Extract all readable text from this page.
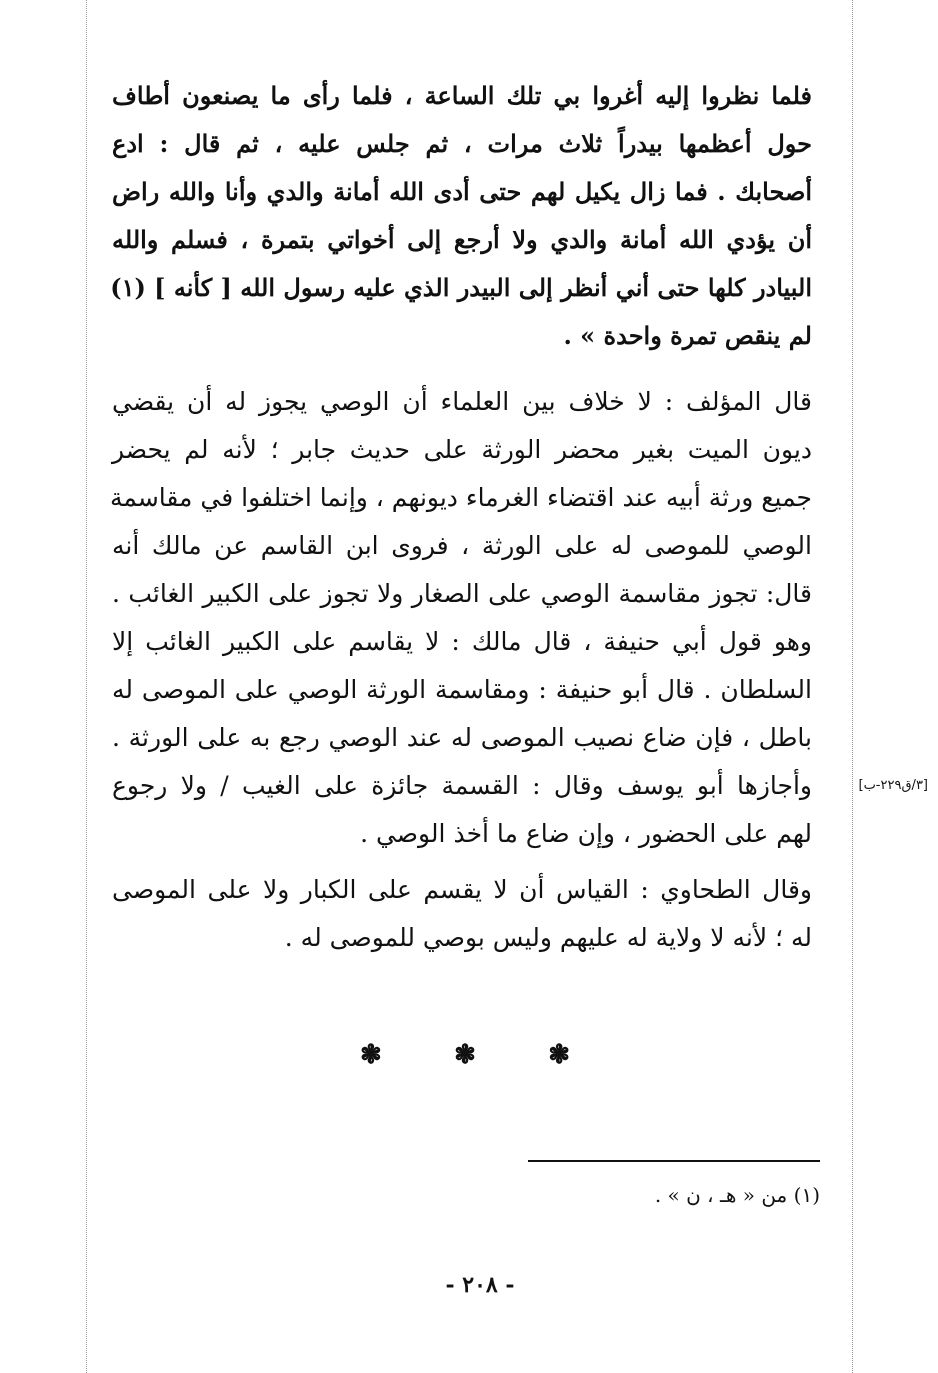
فلما نظروا إليه أغروا بي تلك الساعة ، فلما رأى ما يصنعون أطاف
حول أعظمها بيدراً ثلاث مرات ، ثم جلس عليه ، ثم قال : ادع
أصحابك . فما زال يكيل لهم حتى أدى الله أمانة والدي وأنا والله راض
أن يؤدي الله أمانة والدي ولا أرجع إلى أخواتي بتمرة ، فسلم والله
البيادر كلها حتى أني أنظر إلى البيدر الذي عليه رسول الله [ كأنه ] (١)
لم ينقص تمرة واحدة » .
قال المؤلف : لا خلاف بين العلماء أن الوصي يجوز له أن يقضي
ديون الميت بغير محضر الورثة على حديث جابر ؛ لأنه لم يحضر
جميع ورثة أبيه عند اقتضاء الغرماء ديونهم ، وإنما اختلفوا في مقاسمة
الوصي للموصى له على الورثة ، فروى ابن القاسم عن مالك أنه
قال: تجوز مقاسمة الوصي على الصغار ولا تجوز على الكبير الغائب .
وهو قول أبي حنيفة ، قال مالك : لا يقاسم على الكبير الغائب إلا
السلطان . قال أبو حنيفة : ومقاسمة الورثة الوصي على الموصى له
باطل ، فإن ضاع نصيب الموصى له عند الوصي رجع به على الورثة .
وأجازها أبو يوسف وقال : القسمة جائزة على الغيب / ولا رجوع
لهم على الحضور ، وإن ضاع ما أخذ الوصي .
[٣/ق٢٢٩-ب]
وقال الطحاوي : القياس أن لا يقسم على الكبار ولا على الموصى
له ؛ لأنه لا ولاية له عليهم وليس بوصي للموصى له .
❃	❃	❃
(١) من « هـ ، ن » .
- ٢٠٨ -
